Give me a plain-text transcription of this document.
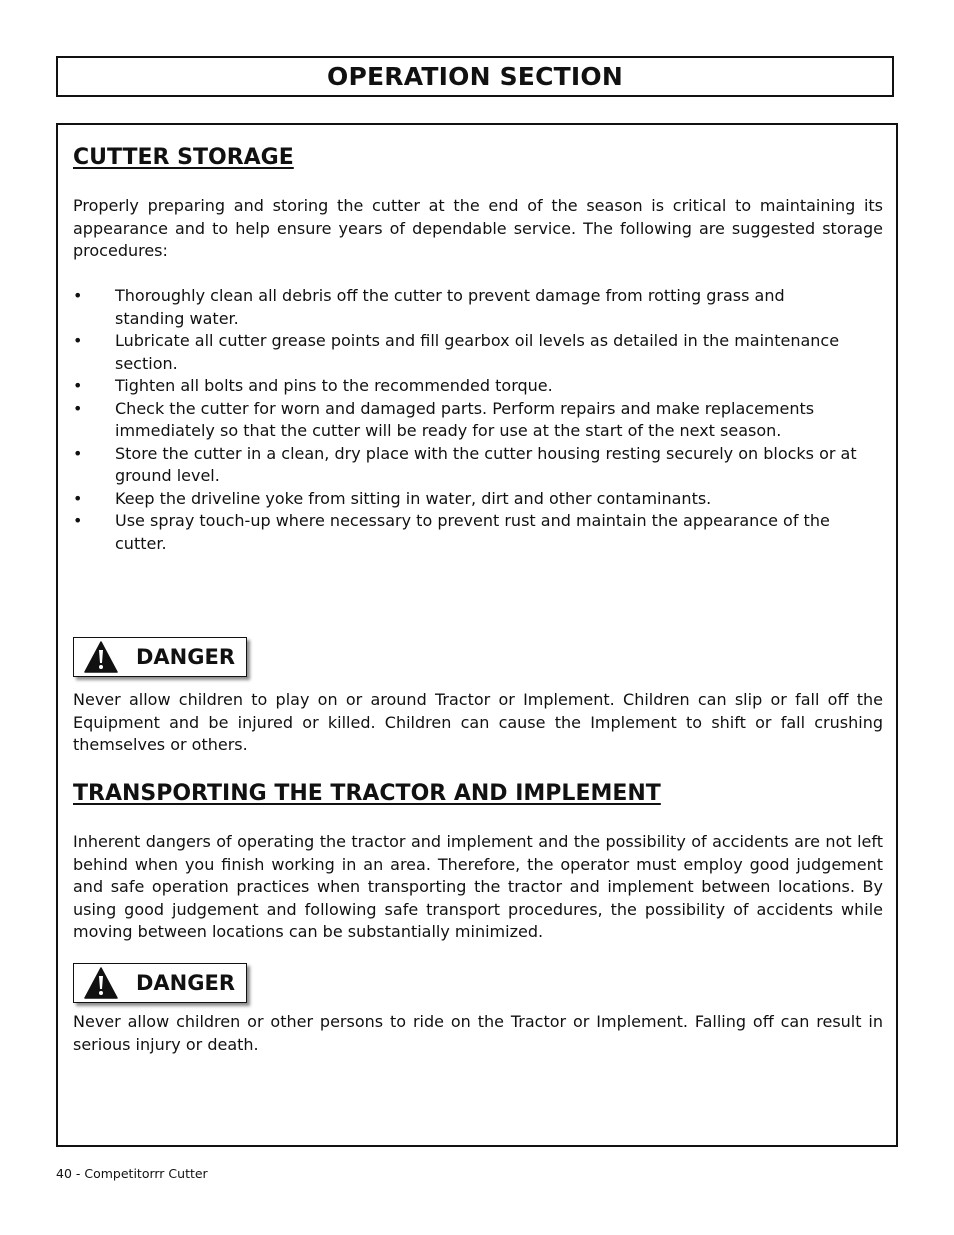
OPERATION SECTION
CUTTER STORAGE

Properly preparing and storing the cutter at the end of the season is critical to maintaining its appearance and to help ensure years of dependable service. The following are suggested storage procedures:

• Thoroughly clean all debris off the cutter to prevent damage from rotting grass and standing water.
• Lubricate all cutter grease points and fill gearbox oil levels as detailed in the maintenance section.
• Tighten all bolts and pins to the recommended torque.
• Check the cutter for worn and damaged parts. Perform repairs and make replacements immediately so that the cutter will be ready for use at the start of the next season.
• Store the cutter in a clean, dry place with the cutter housing resting securely on blocks or at ground level.
• Keep the driveline yoke from sitting in water, dirt and other contaminants.
• Use spray touch-up where necessary to prevent rust and maintain the appearance of the cutter.
DANGER

Never allow children to play on or around Tractor or Implement. Children can slip or fall off the Equipment and be injured or killed. Children can cause the Implement to shift or fall crushing themselves or others.

TRANSPORTING THE TRACTOR AND IMPLEMENT

Inherent dangers of operating the tractor and implement and the possibility of accidents are not left behind when you finish working in an area. Therefore, the operator must employ good judgement and safe operation practices when transporting the tractor and implement between locations. By using good judgement and following safe transport procedures, the possibility of accidents while moving between locations can be substantially minimized.

DANGER

Never allow children or other persons to ride on the Tractor or Implement. Falling off can result in serious injury or death.

40 - Competitorrr Cutter
